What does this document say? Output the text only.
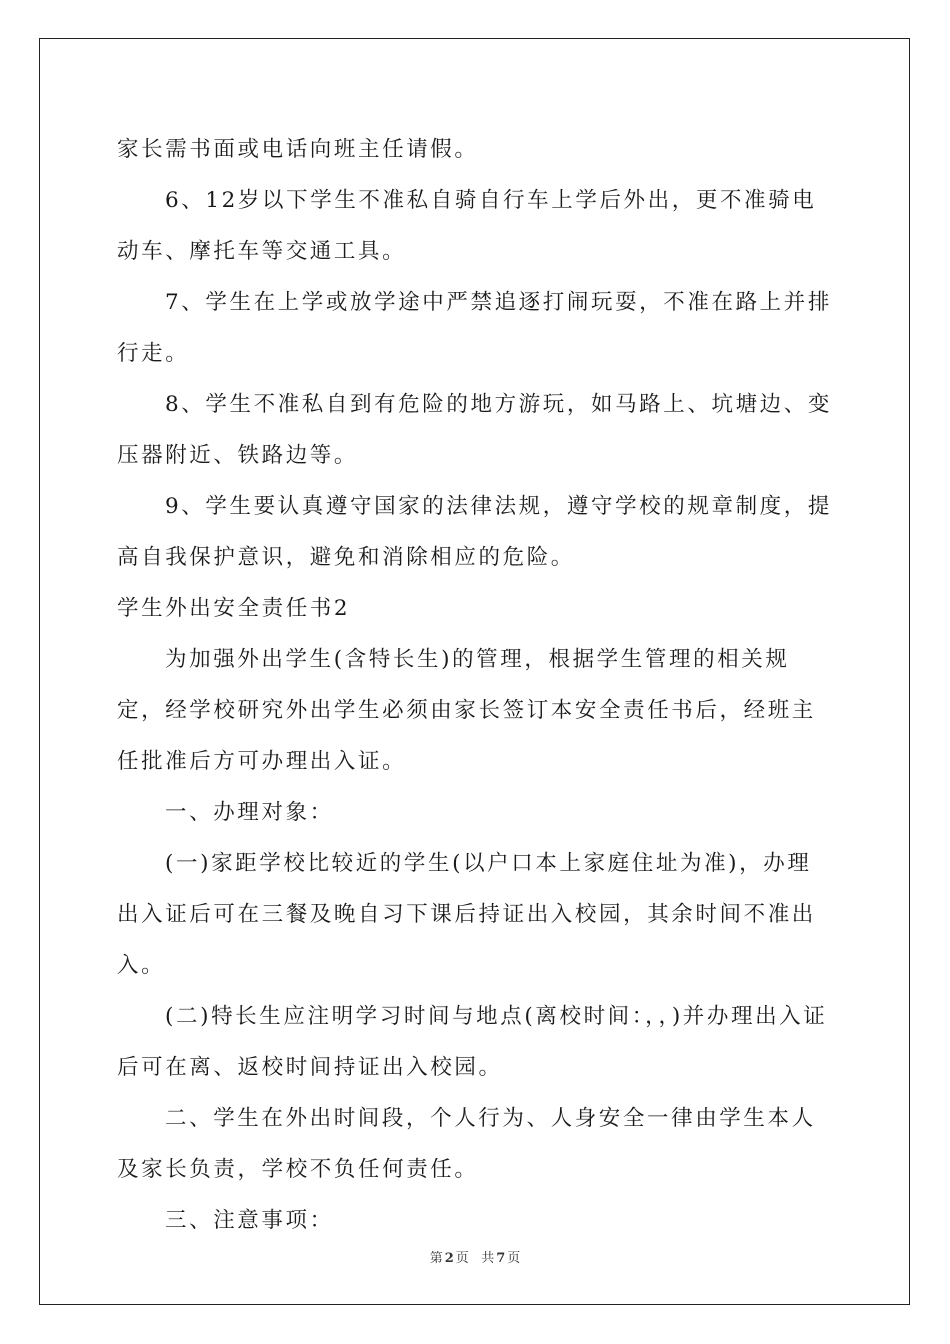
家长需书面或电话向班主任请假。

6、12岁以下学生不准私自骑自行车上学后外出，更不准骑电动车、摩托车等交通工具。

7、学生在上学或放学途中严禁追逐打闹玩耍，不准在路上并排行走。

8、学生不准私自到有危险的地方游玩，如马路上、坑塘边、变压器附近、铁路边等。

9、学生要认真遵守国家的法律法规，遵守学校的规章制度，提高自我保护意识，避免和消除相应的危险。

学生外出安全责任书2

为加强外出学生(含特长生)的管理，根据学生管理的相关规定，经学校研究外出学生必须由家长签订本安全责任书后，经班主任批准后方可办理出入证。

一、办理对象：

(一)家距学校比较近的学生(以户口本上家庭住址为准)，办理出入证后可在三餐及晚自习下课后持证出入校园，其余时间不准出入。

(二)特长生应注明学习时间与地点(离校时间：，，)并办理出入证后可在离、返校时间持证出入校园。

二、学生在外出时间段，个人行为、人身安全一律由学生本人及家长负责，学校不负任何责任。

三、注意事项：

第 2 页 共 7 页
